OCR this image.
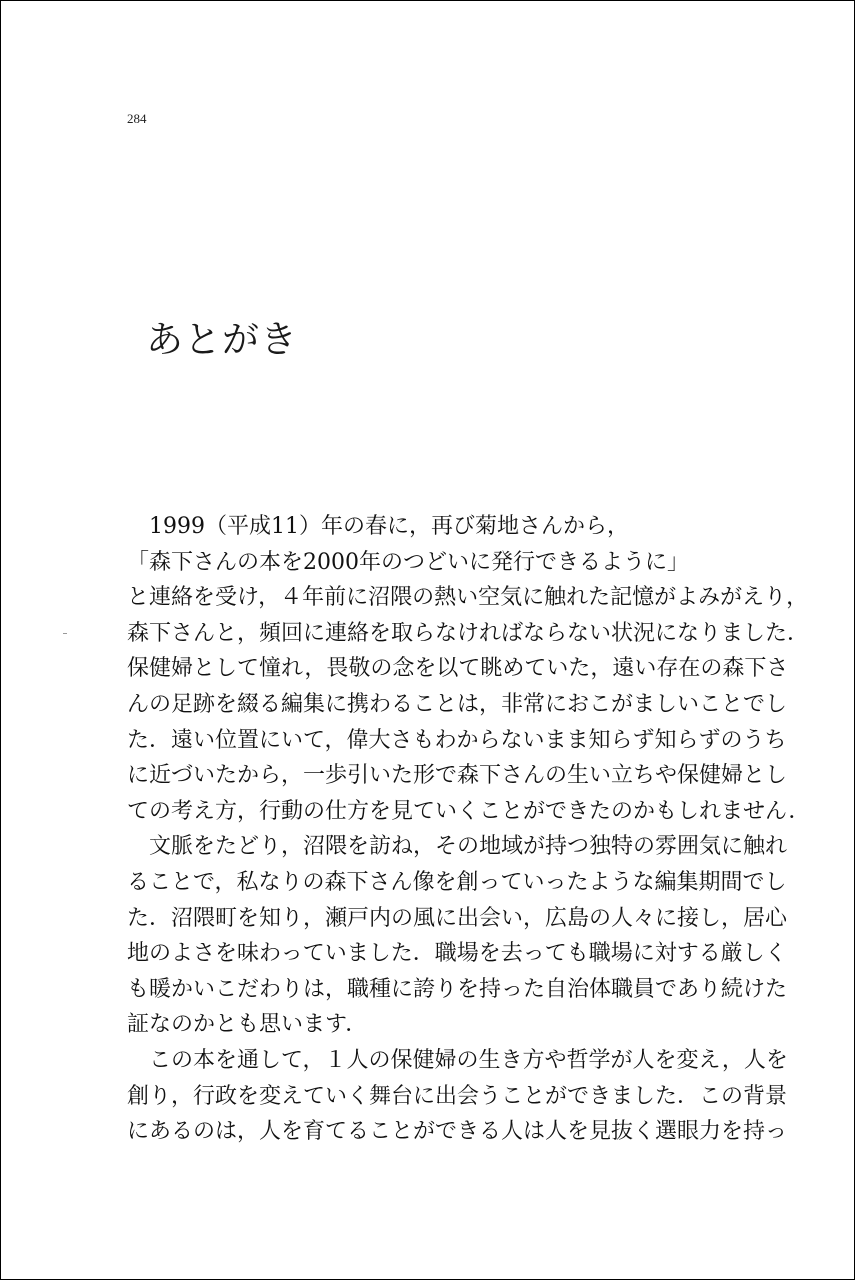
284
あとがき
　1999（平成11）年の春に，再び菊地さんから，
「森下さんの本を2000年のつどいに発行できるように」
と連絡を受け，４年前に沼隈の熱い空気に触れた記憶がよみがえり，
森下さんと，頻回に連絡を取らなければならない状況になりました．
保健婦として憧れ，畏敬の念を以て眺めていた，遠い存在の森下さ
んの足跡を綴る編集に携わることは，非常におこがましいことでし
た．遠い位置にいて，偉大さもわからないまま知らず知らずのうち
に近づいたから，一歩引いた形で森下さんの生い立ちや保健婦とし
ての考え方，行動の仕方を見ていくことができたのかもしれません．
　文脈をたどり，沼隈を訪ね，その地域が持つ独特の雰囲気に触れ
ることで，私なりの森下さん像を創っていったような編集期間でし
た．沼隈町を知り，瀬戸内の風に出会い，広島の人々に接し，居心
地のよさを味わっていました．職場を去っても職場に対する厳しく
も暖かいこだわりは，職種に誇りを持った自治体職員であり続けた
証なのかとも思います．
　この本を通して，１人の保健婦の生き方や哲学が人を変え，人を
創り，行政を変えていく舞台に出会うことができました．この背景
にあるのは，人を育てることができる人は人を見抜く選眼力を持っ
